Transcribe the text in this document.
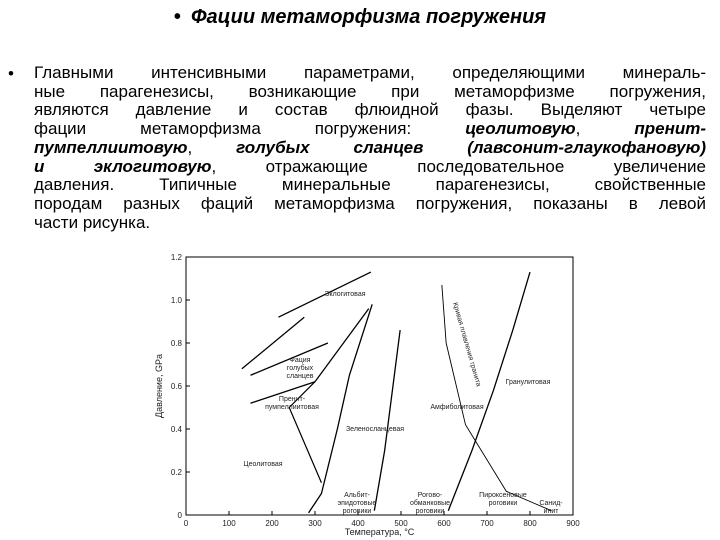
• Фации метаморфизма погружения
• Главными интенсивными параметрами, определяющими минераль-
ные парагенезисы, возникающие при метаморфизме погружения,
являются давление и состав флюидной фазы. Выделяют четыре
фации метаморфизма погружения: цеолитовую, пренит-
пумпеллиитовую, голубых сланцев (лавсонит-глаукофановую)
и эклогитовую, отражающие последовательное увеличение
давления. Типичные минеральные парагенезисы, свойственные
породам разных фаций метаморфизма погружения, показаны в левой
части рисунка.
0	100	200	300	400	500	600	700	800	900
0
0.2
0.4
0.6
0.8
1.0
1.2
Температура, °C
Давление, GPa
Эклогитовая
Фация
голубых
сланцев
Пренит-
пумпеллиитовая
Цеолитовая
Зеленосланцевая
Амфиболитовая
Гранулитовая
Альбит-
эпидотовые
роговики
Рогово-
обманковые
роговики
Пироксеновые
роговики	Санид-
инит
Кривая плавления гранита
